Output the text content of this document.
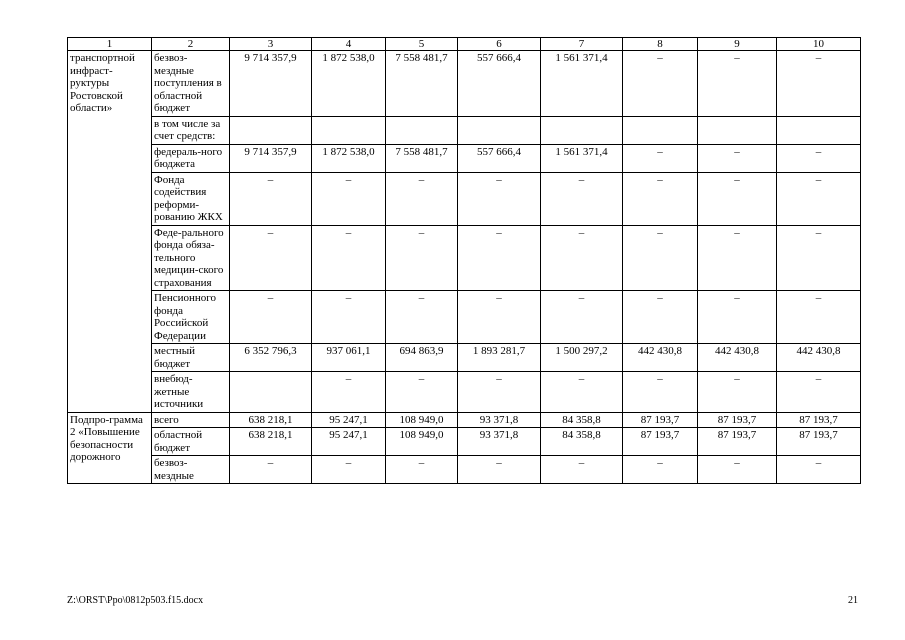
1	2	3	4	5	6	7	8	9	10
транспортной инфраст-руктуры Ростовской области»	безвоз-мездные поступления в областной бюджет	9 714 357,9	1 872 538,0	7 558 481,7	557 666,4	1 561 371,4	–	–	–
	в том числе за счет средств:								
	федераль-ного бюджета	9 714 357,9	1 872 538,0	7 558 481,7	557 666,4	1 561 371,4	–	–	–
	Фонда содействия реформи-рованию ЖКХ	–	–	–	–	–	–	–	–
	Феде-рального фонда обяза-тельного медицин-ского страхования	–	–	–	–	–	–	–	–
	Пенсионного фонда Российской Федерации	–	–	–	–	–	–	–	–
	местный бюджет	6 352 796,3	937 061,1	694 863,9	1 893 281,7	1 500 297,2	442 430,8	442 430,8	442 430,8
	внебюд-жетные источники		–	–	–	–	–	–	–
Подпро-грамма 2 «Повышение безопасности дорожного	всего	638 218,1	95 247,1	108 949,0	93 371,8	84 358,8	87 193,7	87 193,7	87 193,7
	областной бюджет	638 218,1	95 247,1	108 949,0	93 371,8	84 358,8	87 193,7	87 193,7	87 193,7
	безвоз-мездные	–	–	–	–	–	–	–	–
Z:\ORST\Ppo\0812p503.f15.docx	21
